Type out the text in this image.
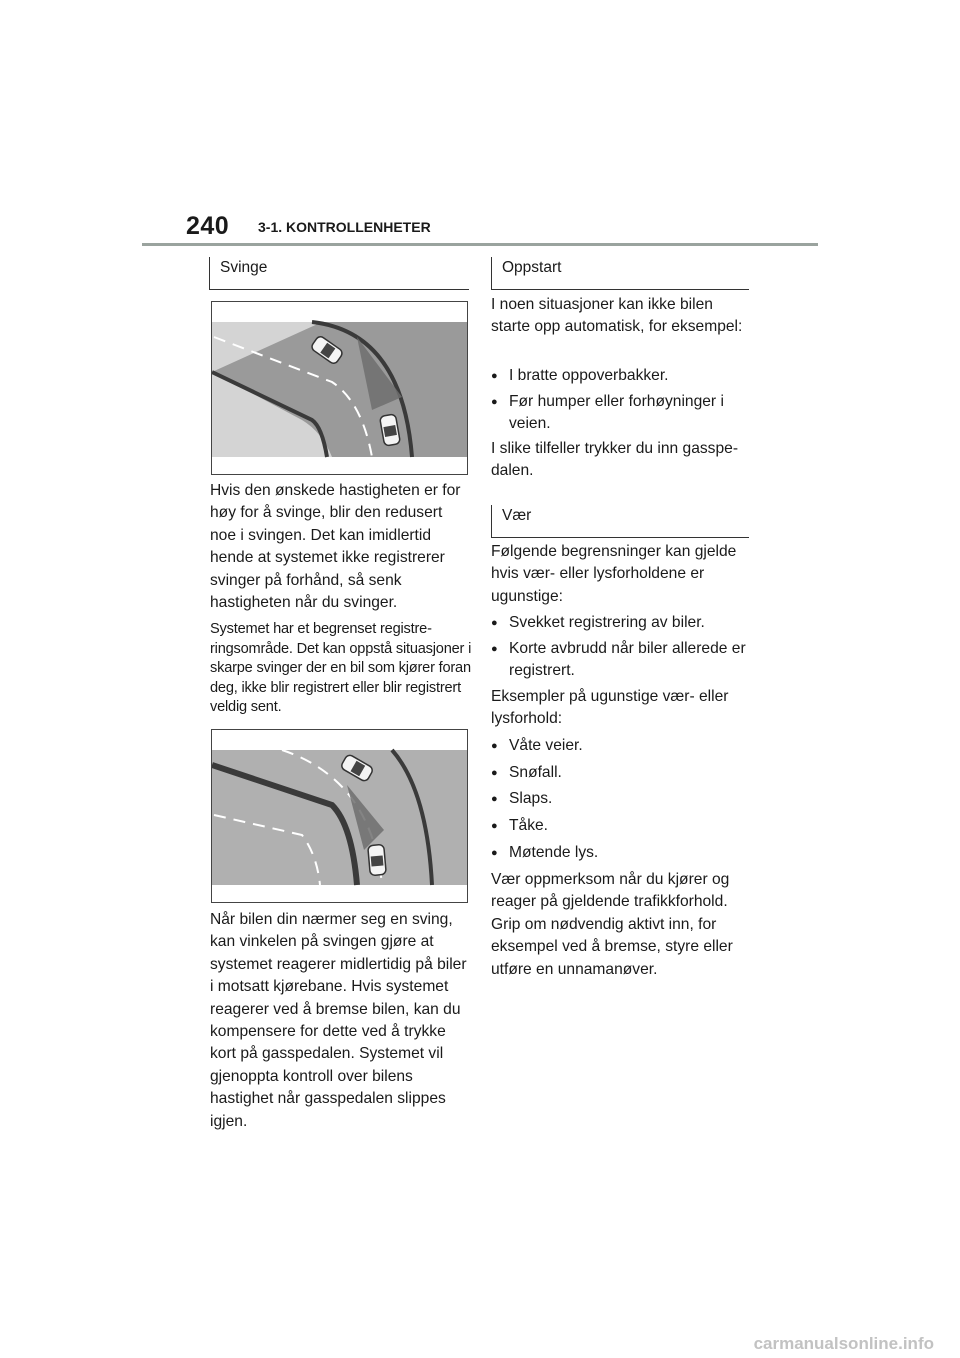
240 3-1. KONTROLLENHETER
Svinge

Hvis den ønskede hastigheten er for høy for å svinge, blir den redusert noe i svingen. Det kan imidlertid hende at systemet ikke registrerer svinger på forhånd, så senk hastigheten når du svinger.

Systemet har et begrenset registreringsområde. Det kan oppstå situasjoner i skarpe svinger der en bil som kjører foran deg, ikke blir registrert eller blir registrert veldig sent.

Når bilen din nærmer seg en sving, kan vinkelen på svingen gjøre at systemet reagerer midlertidig på biler i motsatt kjørebane. Hvis systemet reagerer ved å bremse bilen, kan du kompensere for dette ved å trykke kort på gasspedalen. Systemet vil gjenoppta kontroll over bilens hastighet når gasspedalen slippes igjen.

Oppstart

I noen situasjoner kan ikke bilen starte opp automatisk, for eksempel:

● I bratte oppoverbakker.
● Før humper eller forhøyninger i veien.

I slike tilfeller trykker du inn gasspedalen.

Vær

Følgende begrensninger kan gjelde hvis vær- eller lysforholdene er ugunstige:

● Svekket registrering av biler.
● Korte avbrudd når biler allerede er registrert.

Eksempler på ugunstige vær- eller lysforhold:

● Våte veier.
● Snøfall.
● Slaps.
● Tåke.
● Møtende lys.

Vær oppmerksom når du kjører og reager på gjeldende trafikkforhold. Grip om nødvendig aktivt inn, for eksempel ved å bremse, styre eller utføre en unnamanøver.

carmanualsonline.info
